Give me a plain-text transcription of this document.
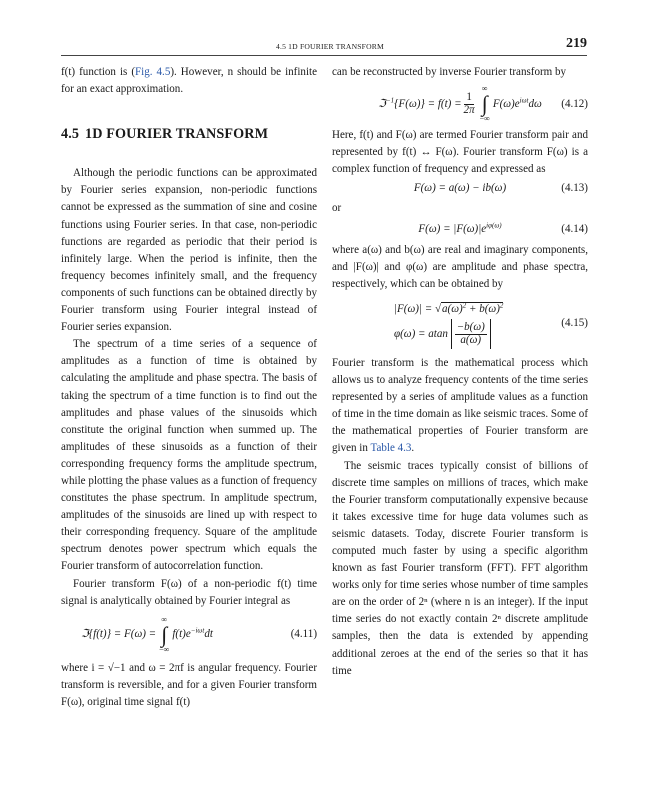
4.5 1D FOURIER TRANSFORM	219

f(t) function is (Fig. 4.5). However, n should be infinite for an exact approximation.

4.5 1D FOURIER TRANSFORM

Although the periodic functions can be approximated by Fourier series expansion, non-periodic functions cannot be expressed as the summation of sine and cosine functions using Fourier series. In that case, non-periodic functions are regarded as periodic that their period is infinitely large. When the period is infinite, then the frequency becomes infinitely small, and the frequency components of such functions can be obtained directly by Fourier transform using Fourier integral instead of Fourier series expansion.

The spectrum of a time series of a sequence of amplitudes as a function of time is obtained by calculating the amplitude and phase spectra. The basis of taking the spectrum of a time function is to find out the amplitudes and phase values of the sinusoids which constitute the original function when summed up. The amplitudes of these sinusoids as a function of their corresponding frequency forms the amplitude spectrum, while plotting the phase values as a function of frequency constitutes the phase spectrum. In amplitude spectrum, amplitudes of the sinusoids are lined up with respect to their corresponding frequency. Square of the amplitude spectrum denotes power spectrum which equals the Fourier transform of autocorrelation function.

Fourier transform F(ω) of a non-periodic f(t) time signal is analytically obtained by Fourier integral as

ℑ{f(t)} = F(ω) =
∞
∫
−∞
$f(t)e^{-i\omega t}dt$	(4.11)

where i = √−1 and ω = 2πf is angular frequency. Fourier transform is reversible, and for a given Fourier transform F(ω), original time signal f(t)

can be reconstructed by inverse Fourier transform by

ℑ$^{-1}${F(ω)} = $f(t) = \frac{1}{2\pi}$
∞
∫
−∞
$F(\omega)e^{i\omega t}d\omega$ (4.12)

Here, f(t) and F(ω) are termed Fourier transform pair and represented by f(t) ↔ F(ω). Fourier transform F(ω) is a complex function of frequency and expressed as

F(ω) = a(ω) − ib(ω)	(4.13)

or

$F(\omega) = |F(\omega)|e^{i\varphi(\omega)}$	(4.14)

where a(ω) and b(ω) are real and imaginary components, and |F(ω)| and φ(ω) are amplitude and phase spectra, respectively, which can be obtained by

$|F(\omega)| = √a(\omega)^2 + b(\omega)^2$
φ(ω) = atan $\frac{-b(\omega)}{a(\omega)}$	(4.15)

Fourier transform is the mathematical process which allows us to analyze frequency contents of the time series represented by a series of amplitude values as a function of time in the time domain as like seismic traces. Some of the mathematical properties of Fourier transform are given in Table 4.3.

The seismic traces typically consist of billions of discrete time samples on millions of traces, which make the Fourier transform computationally expensive because it takes excessive time for huge data volumes such as seismic datasets. Today, discrete Fourier transform is computed much faster by using a specific algorithm known as fast Fourier transform (FFT). FFT algorithm works only for time series whose number of time samples are on the order of 2ⁿ (where n is an integer). If the input time series do not exactly contain 2ⁿ discrete amplitude samples, then the data is extended by appending additional zeroes at the end of the series so that it has time
